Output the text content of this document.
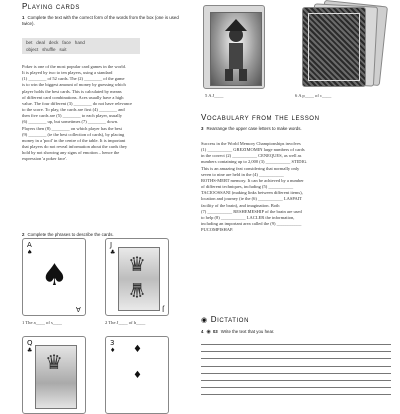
Playing cards
1 Complete the text with the correct form of the words from the box (one is used twice).
bet   deal   deck   face   hand
object   shuffle   suit
Poker is one of the most popular card games in the world.
It is played by two to ten players, using a standard
(1) ________ of 52 cards. The (2) ________ of the game
is to win the biggest amount of money by guessing which
player holds the best cards. This is calculated by means
of different card combinations. Aces usually have a high
value. The four different (3) ________ do not have relevance
to the score. To play, the cards are first (4) ________ and
then five cards are (5) ________ to each player, usually
(6) ________ up, but sometimes (7) ________ down.
Players then (8) ________ on which player has the best
(9) ________ (ie the best collection of cards), by placing
money in a 'pool' in the centre of the table. It is important
that players do not reveal information about the cards they
hold by not showing any signs of emotion – hence the
expression 'a poker face'.
2 Complete the phrases to describe the cards.
A
♠
♠
A
1 The a____ of s____
J
♣ ♛
♛
J
2 The J____ of h____
Q
♣ ♛
3
♦ ♦
♦
5 A J____	6 A p____ of c____
Vocabulary from the lesson
3 Rearrange the upper case letters to make words.
Success in the World Memory Championships involves
(1) ___________ GREZIMOMIN large numbers of cards
in the correct (2) ___________ CENEQUES, as well as
numbers containing up to 2,000 (3) ___________ STIDIG.
This is an amazing feat considering that normally only
seven to nine are held in the (4) ___________
ROTHS-MERT memory. It can be achieved by a number
of different techniques, including (5) ___________
TACIOOSSANI (making links between different items),
location and journey (ie the (6) ___________ LASPAIT
facility of the brain), and imagination. Both
(7) ___________ RESHEMESHIP of the brain are used
to help (8) ___________ LACLER the information,
including an important area called the (9) ___________
PUCOMPISHAP.
◉ Dictation
4 ◉ 03 Write the text that you hear.
